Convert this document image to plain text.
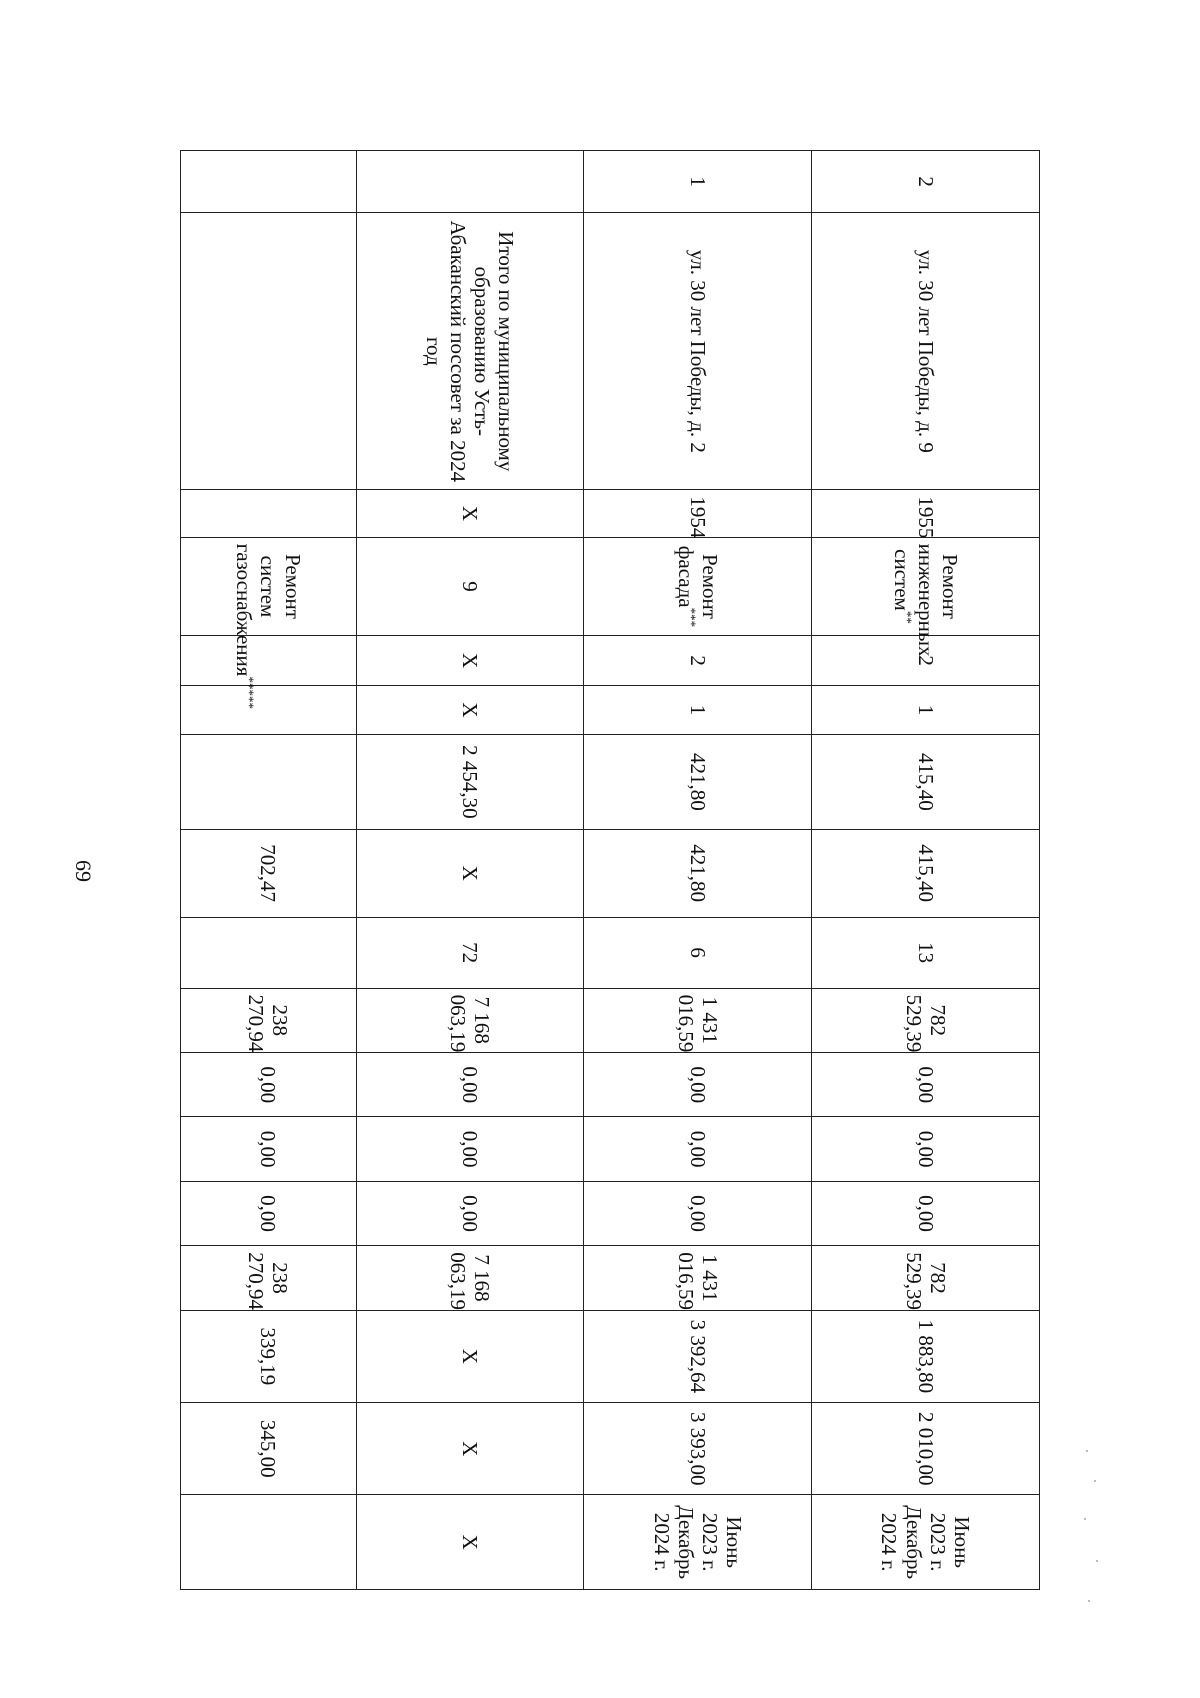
69
2	ул. 30 лет Победы, д. 9	1955	Ремонт инженерных систем**	2	1	415,40	415,40	13	782 529,39	0,00	0,00	0,00	782 529,39	1 883,80	2 010,00	Июнь 2023 г. Декабрь 2024 г.
1	ул. 30 лет Победы, д. 2	1954	Ремонт фасада***	2	1	421,80	421,80	6	1 431 016,59	0,00	0,00	0,00	1 431 016,59	3 392,64	3 393,00	Июнь 2023 г. Декабрь 2024 г.
	Итого по муниципальному образованию Усть-Абаканский поссовет за 2024 год	Х	9	Х	Х	2 454,30	Х	72	7 168 063,19	0,00	0,00	0,00	7 168 063,19	Х	Х	Х
			Ремонт систем газоснабжения*****				702,47		238 270,94	0,00	0,00	0,00	238 270,94	339,19	345,00	
